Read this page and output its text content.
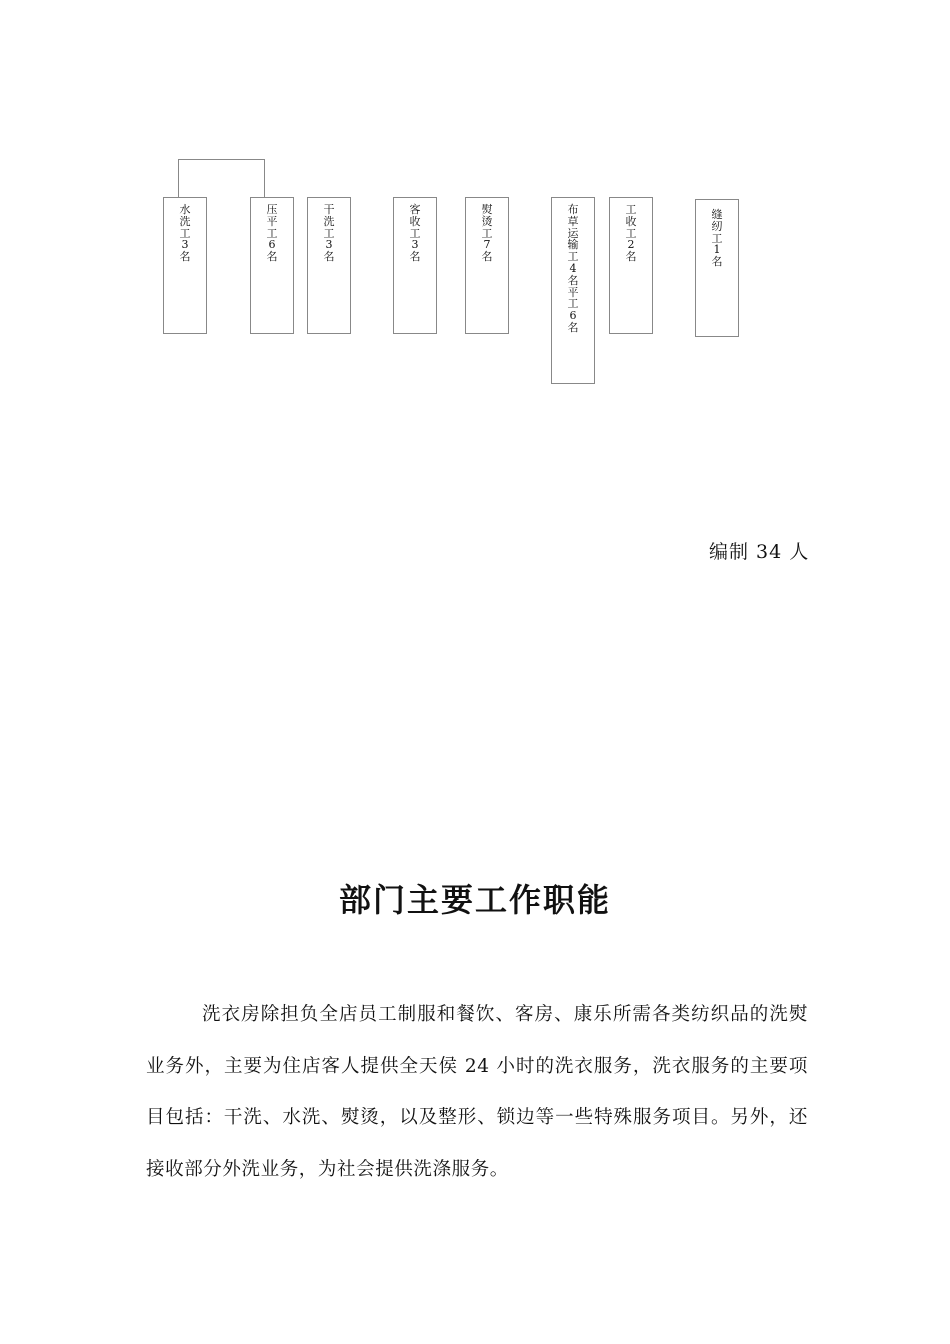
水
洗
工
3
名
压
平
工
6
名
干
洗
工
3
名
客
收
工
3
名
熨
烫
工
7
名
布
草
运
输
工
4
名
平
工
6
名
工
收
工
2
名
缝
纫
工
1
名
编制 34 人
部门主要工作职能

洗衣房除担负全店员工制服和餐饮、客房、康乐所需各类纺织品的洗熨业务外，主要为住店客人提供全天侯 24 小时的洗衣服务，洗衣服务的主要项目包括：干洗、水洗、熨烫，以及整形、锁边等一些特殊服务项目。另外，还接收部分外洗业务，为社会提供洗涤服务。
